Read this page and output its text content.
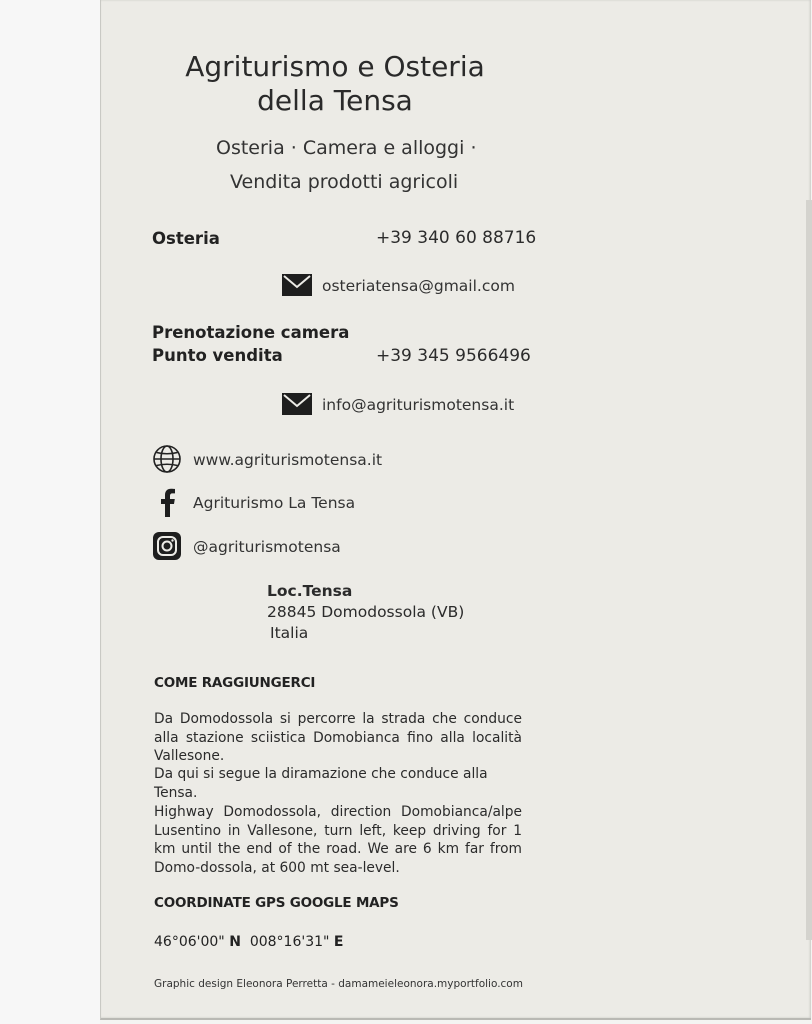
Agriturismo e Osteria
della Tensa
Osteria · Camera e alloggi ·
Vendita prodotti agricoli
Osteria	+39 340 60 88716
osteriatensa@gmail.com
Prenotazione camera
Punto vendita	+39 345 9566496
info@agriturismotensa.it
www.agriturismotensa.it
Agriturismo La Tensa
@agriturismotensa
Loc.Tensa
28845 Domodossola (VB)
Italia
COME RAGGIUNGERCI
Da Domodossola si percorre la strada che conduce alla stazione sciistica Domobianca fino alla località Vallesone.
Da qui si segue la diramazione che conduce alla Tensa.
Highway Domodossola, direction Domobianca/alpe Lusentino in Vallesone, turn left, keep driving for 1 km until the end of the road. We are 6 km far from Domo-dossola, at 600 mt sea-level.
COORDINATE GPS GOOGLE MAPS
46°06'00" N 008°16'31" E
Graphic design Eleonora Perretta - damameieleonora.myportfolio.com
